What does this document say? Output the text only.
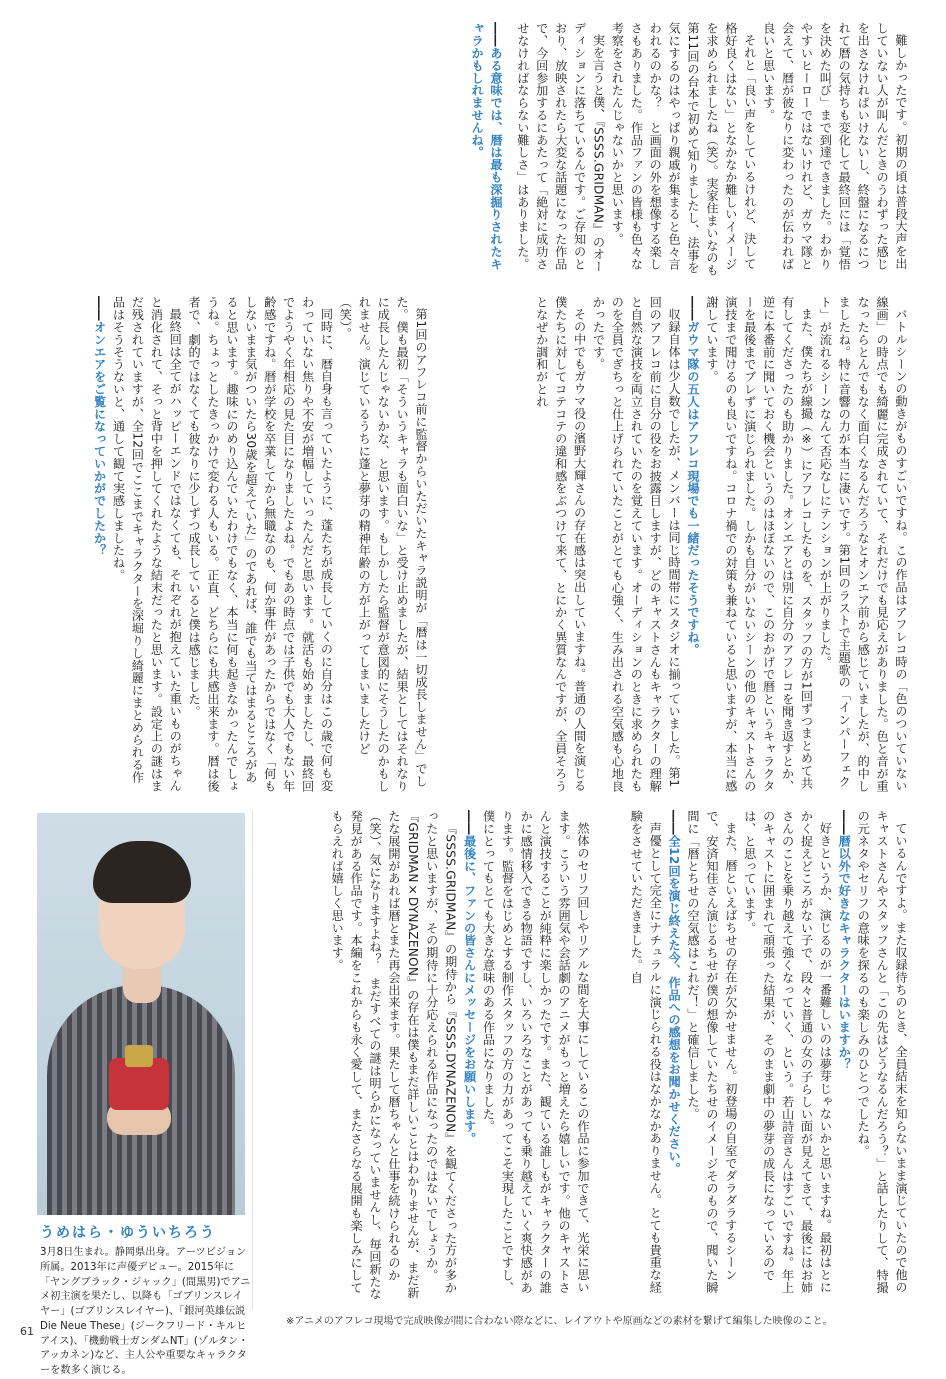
難しかったです。初期の頃は普段大声を出していない人が叫んだときのうわずった感じを出さなければいけないし、終盤になるにつれて暦の気持ちも変化して最終回には「覚悟を決めた叫び」まで到達できました。わかりやすいヒーローではないけれど、ガウマ隊と会えて、暦が彼なりに変わったのが伝われば良いと思います。
それと「良い声をしているけれど、決して格好良くはない」となかなか難しいイメージを求められましたね（笑）。実家住まいなのも第11回の台本で初めて知りましたし、法事を気にするのはやっぱり親戚が集まると色々言われるのかな？　と画面の外を想像する楽しさもありました。作品ファンの皆様も色々な考察をされたんじゃないかと思います。
実を言うと僕、『SSSS.GRIDMAN』のオーディションに落ちているんです。ご存知のとおり、放映されたら大変な話題になった作品で、今回参加するにあたって「絶対に成功させなければならない難しさ」はありました。
――ある意味では、暦は最も深掘りされたキャラかもしれませんね。
バトルシーンの動きがものすごいですね。この作品はアフレコ時の「色のついていない線画」の時点でも綺麗に完成されていて、それだけでも見応えがありました。色と音が重なったらとんでもなく面白くなるんだろうなとオンエア前から感じていましたが、的中しましたね。特に音響の力が本当に凄いです。第1回のラストで主題歌の「インパーフェクト」が流れるシーンなんて否応なしにテンションが上がりました。
また、僕たちが線撮（※）にアフレコしたものを、スタッフの方が1回ずつまとめて共有してくださったのも助かりました。オンエアとは別に自分のアフレコを聞き返すとか、逆に本番前に聞いておく機会というのはほぼないので、このおかげで暦というキャラクターを最後までブレずに演じられました。しかも自分がいないシーンの他のキャストさんの演技まで聞けるのも良いですね。コロナ禍での対策も兼ねていると思いますが、本当に感謝しています。
――ガウマ隊の五人はアフレコ現場でも一緒だったそうですね。
収録自体は少人数でしたが、メンバーは同じ時間帯にスタジオに揃っていました。第1回のアフレコ前に自分の役をお披露目しますが、どのキャストさんもキャラクターの理解と自然な演技を両立されていたのを覚えています。オーディションのときに求められたものを全員でぎちっと仕上げられていたことがとても心強く、生み出される空気感も心地良かったです。
その中でもガウマ役の濱野大輝さんの存在感は突出していますね。普通の人間を演じる僕たちに対してコテコテの違和感をぶつけて来て、とにかく異質なんですが、全員そろうとなぜか調和がとれ
第1回のアフレコ前に監督からいただいたキャラ説明が「暦は一切成長しません」でした。僕も最初「そういうキャラも面白いな」と受け止めましたが、結果としてはそれなりに成長したんじゃないかな、と思います。もしかしたら監督が意図的にそうしたのかもしれません。演じているうちに蓬と夢芽の精神年齢の方が上がってしまいましたけど（笑）。
同時に、暦自身も言っていたように、蓬たちが成長していくのに自分はこの歳で何も変わっていない焦りや不安が増幅していったんだと思います。就活も始めましたし、最終回でようやく年相応の見た目になりましたよね。でもあの時点では子供でも大人でもない年齢感ですね。暦が学校を卒業してから無職なのも、何か事件があったからではなく「何もしないまま気がついたら30歳を超えていた」のであれば、誰でも当てはまるところがあると思います。趣味にのめり込んでいたわけでもなく、本当に何も起きなかったんでしょうね。ちょっとしたきっかけで変わる人もいる。正直、どちらにも共感出来ます。暦は後者で、劇的ではなくても彼なりに少しずつ成長していると僕は感じました。
最終回は全てがハッピーエンドではなくても、それぞれが抱えていた重いものがちゃんと消化されて、そっと背中を押してくれたような結末だったと思います。設定上の謎はまだ残されていますが、全12回でここまでキャラクターを深堀りし綺麗にまとめられる作品はそうそうないと、通して観て実感しましたね。
――オンエアをご覧になっていかがでしたか？
ているんですよ。また収録待ちのとき、全員結末を知らないまま演じていたので他のキャストさんやスタッフさんと「この先はどうなるんだろう？」と話したりして、特撮の元ネタやセリフの意味を探るのも楽しみのひとつでしたね。
――暦以外で好きなキャラクターはいますか？
好きというか、演じるのが一番難しいのは夢芽じゃないかと思いますね。最初はとにかく捉えどころがない子で、段々と普通の女の子らしい面が見えてきて、最後にはお姉さんのことを乗り越えて強くなっていく、という。若山詩音さんはすごいですね。年上のキャストに囲まれて頑張った結果が、そのまま劇中の夢芽の成長になっているのでは、と思っています。
また、暦といえばちせの存在が欠かせません。初登場の自室でダラダラするシーンで、安済知佳さん演じるちせが僕の想像していたちせのイメージそのもので、聞いた瞬間に「暦とちせの空気感はこれだ！」と確信しました。
――全12回を演じ終えた今、作品への感想をお聞かせください。
声優として完全にナチュラルに演じられる役はなかなかありません。とても貴重な経験をさせていただきました。自
然体のセリフ回しやリアルな間を大事にしているこの作品に参加できて、光栄に思います。こういう雰囲気や会話劇のアニメがもっと増えたら嬉しいです。他のキャストさんと演技することが純粋に楽しかったです。また、観ている誰しもがキャラクターの誰かに感情移入できる物語ですし、いろいろなことがあっても乗り越えていく爽快感があります。監督をはじめとする制作スタッフの方の力があってこそ実現したことですし、僕にとってもとても大きな意味のある作品になりました。
――最後に、ファンの皆さんにメッセージをお願いします。
『SSSS.GRIDMAN』の期待から『SSSS.DYNAZENON』を観てくださった方が多かったと思いますが、その期待に十分応えられる作品になったのではないでしょうか。『GRIDMAN×DYNAZENON』の存在は僕もまだ詳しいことはわかりませんが、まだ新たな展開があれば暦とまた再会出来ます。果たして暦ちゃんと仕事を続けられるのか（笑）、気になりますよね？　まだすべての謎は明らかになっていませんし、毎回新たな発見がある作品です。本編をこれからも永く愛して、またさらなる展開も楽しみにしてもらえれば嬉しく思います。
うめはら・ゆういちろう
3月8日生まれ。静岡県出身。アーツビジョン所属。2013年に声優デビュー。2015年に「ヤングブラック・ジャック」(間黒男)でアニメ初主演を果たし、以降も「ゴブリンスレイヤー」(ゴブリンスレイヤー)、「銀河英雄伝説 Die Neue These」(ジークフリード・キルヒアイス)、「機動戦士ガンダムNT」(ゾルタン・アッカネン)など、主人公や重要なキャラクターを数多く演じる。
※アニメのアフレコ現場で完成映像が間に合わない際などに、レイアウトや原画などの素材を繋げて編集した映像のこと。
61
